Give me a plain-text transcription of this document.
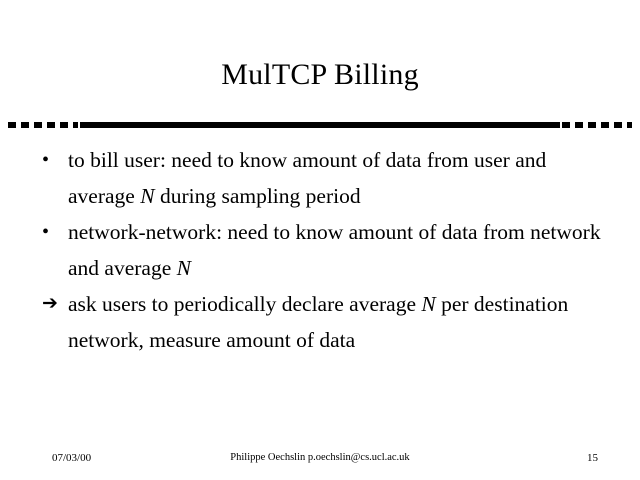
MulTCP Billing
• to bill user: need to know amount of data from user and average N during sampling period
• network-network: need to know amount of data from network and average N
➔ ask users to periodically declare average N per destination network, measure amount of data
07/03/00	Philippe Oechslin p.oechslin@cs.ucl.ac.uk	15
